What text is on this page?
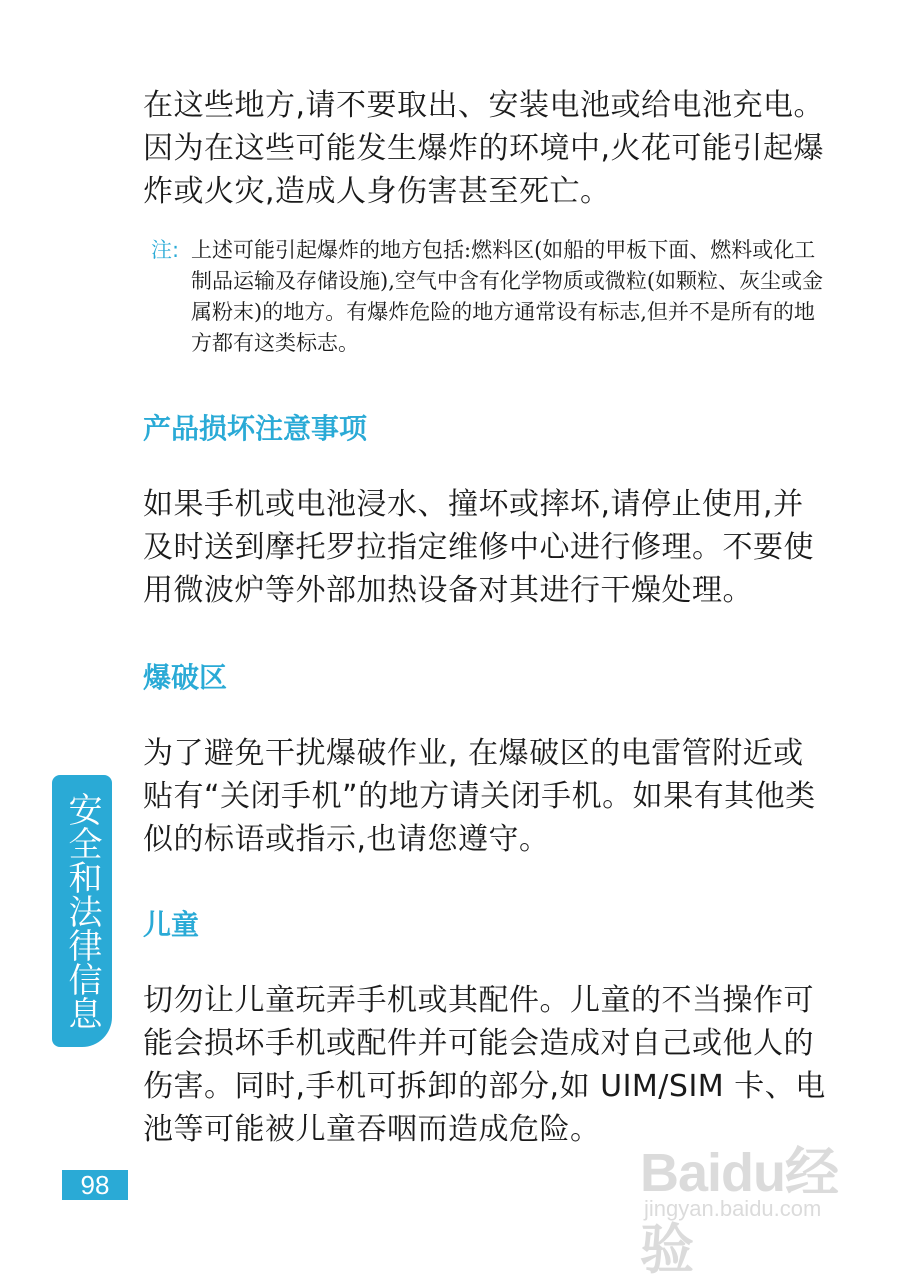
在这些地方,请不要取出、安装电池或给电池充电。因为在这些可能发生爆炸的环境中,火花可能引起爆炸或火灾,造成人身伤害甚至死亡。

注: 上述可能引起爆炸的地方包括:燃料区(如船的甲板下面、燃料或化工制品运输及存储设施),空气中含有化学物质或微粒(如颗粒、灰尘或金属粉末)的地方。有爆炸危险的地方通常设有标志,但并不是所有的地方都有这类标志。
产品损坏注意事项

如果手机或电池浸水、撞坏或摔坏,请停止使用,并及时送到摩托罗拉指定维修中心进行修理。不要使用微波炉等外部加热设备对其进行干燥处理。

爆破区

为了避免干扰爆破作业, 在爆破区的电雷管附近或贴有“关闭手机”的地方请关闭手机。如果有其他类似的标语或指示,也请您遵守。

儿童

切勿让儿童玩弄手机或其配件。儿童的不当操作可能会损坏手机或配件并可能会造成对自己或他人的伤害。同时,手机可拆卸的部分,如 UIM/SIM 卡、电池等可能被儿童吞咽而造成危险。

安全和法律信息
98	Baidu经验
jingyan.baidu.com
